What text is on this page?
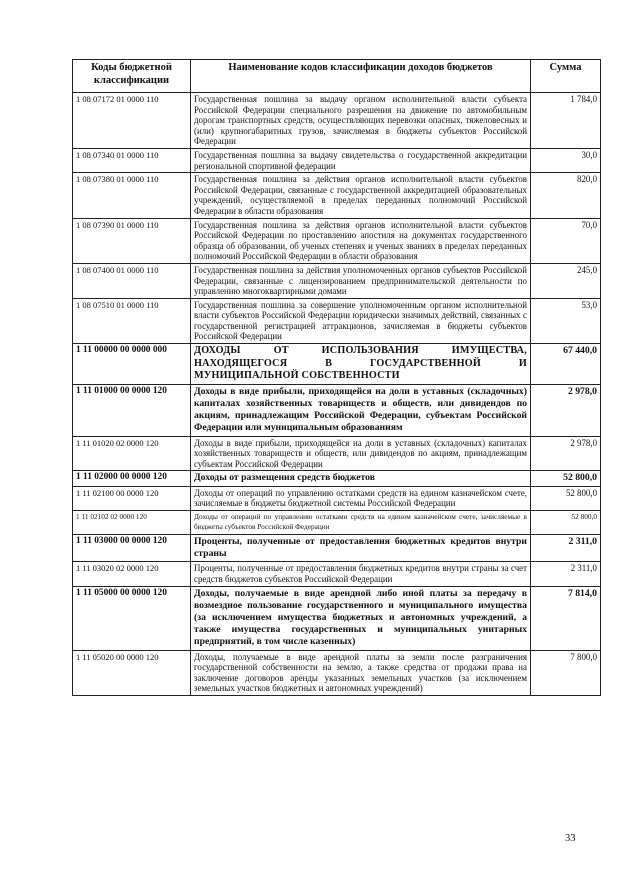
Коды бюджетной классификации	Наименование кодов классификации доходов бюджетов	Сумма
1 08 07172 01 0000 110	Государственная пошлина за выдачу органом исполнительной власти субъекта Российской Федерации специального разрешения на движение по автомобильным дорогам транспортных средств, осуществляющих перевозки опасных, тяжеловесных и (или) крупногабаритных грузов, зачисляемая в бюджеты субъектов Российской Федерации	1 784,0
1 08 07340 01 0000 110	Государственная пошлина за выдачу свидетельства о государственной аккредитации региональной спортивной федерации	30,0
1 08 07380 01 0000 110	Государственная пошлина за действия органов исполнительной власти субъектов Российской Федерации, связанные с государственной аккредитацией образовательных учреждений, осуществляемой в пределах переданных полномочий Российской Федерации в области образования	820,0
1 08 07390 01 0000 110	Государственная пошлина за действия органов исполнительной власти субъектов Российской Федерации по проставлению апостиля на документах государственного образца об образовании, об ученых степенях и ученых званиях в пределах переданных полномочий Российской Федерации в области образования	70,0
1 08 07400 01 0000 110	Государственная пошлина за действия уполномоченных органов субъектов Российской Федерации, связанные с лицензированием предпринимательской деятельности по управлению многоквартирными домами	245,0
1 08 07510 01 0000 110	Государственная пошлина за совершение уполномоченным органом исполнительной власти субъектов Российской Федерации юридически значимых действий, связанных с государственной регистрацией аттракционов, зачисляемая в бюджеты субъектов Российской Федерации	53,0
1 11 00000 00 0000 000	ДОХОДЫ ОТ ИСПОЛЬЗОВАНИЯ ИМУЩЕСТВА, НАХОДЯЩЕГОСЯ В ГОСУДАРСТВЕННОЙ И МУНИЦИПАЛЬНОЙ СОБСТВЕННОСТИ	67 440,0
1 11 01000 00 0000 120	Доходы в виде прибыли, приходящейся на доли в уставных (складочных) капиталах хозяйственных товариществ и обществ, или дивидендов по акциям, принадлежащим Российской Федерации, субъектам Российской Федерации или муниципальным образованиям	2 978,0
1 11 01020 02 0000 120	Доходы в виде прибыли, приходящейся на доли в уставных (складочных) капиталах хозяйственных товариществ и обществ, или дивидендов по акциям, принадлежащим субъектам Российской Федерации	2 978,0
1 11 02000 00 0000 120	Доходы от размещения средств бюджетов	52 800,0
1 11 02100 00 0000 120	Доходы от операций по управлению остатками средств на едином казначейском счете, зачисляемые в бюджеты бюджетной системы Российской Федерации	52 800,0
1 11 02102 02 0000 120	Доходы от операций по управлению остатками средств на едином казначейском счете, зачисляемые в бюджеты субъектов Российской Федерации	52 800,0
1 11 03000 00 0000 120	Проценты, полученные от предоставления бюджетных кредитов внутри страны	2 311,0
1 11 03020 02 0000 120	Проценты, полученные от предоставления бюджетных кредитов внутри страны за счет средств бюджетов субъектов Российской Федерации	2 311,0
1 11 05000 00 0000 120	Доходы, получаемые в виде арендной либо иной платы за передачу в возмездное пользование государственного и муниципального имущества (за исключением имущества бюджетных и автономных учреждений, а также имущества государственных и муниципальных унитарных предприятий, в том числе казенных)	7 814,0
1 11 05020 00 0000 120	Доходы, получаемые в виде арендной платы за земли после разграничения государственной собственности на землю, а также средства от продажи права на заключение договоров аренды указанных земельных участков (за исключением земельных участков бюджетных и автономных учреждений)	7 800,0
33
